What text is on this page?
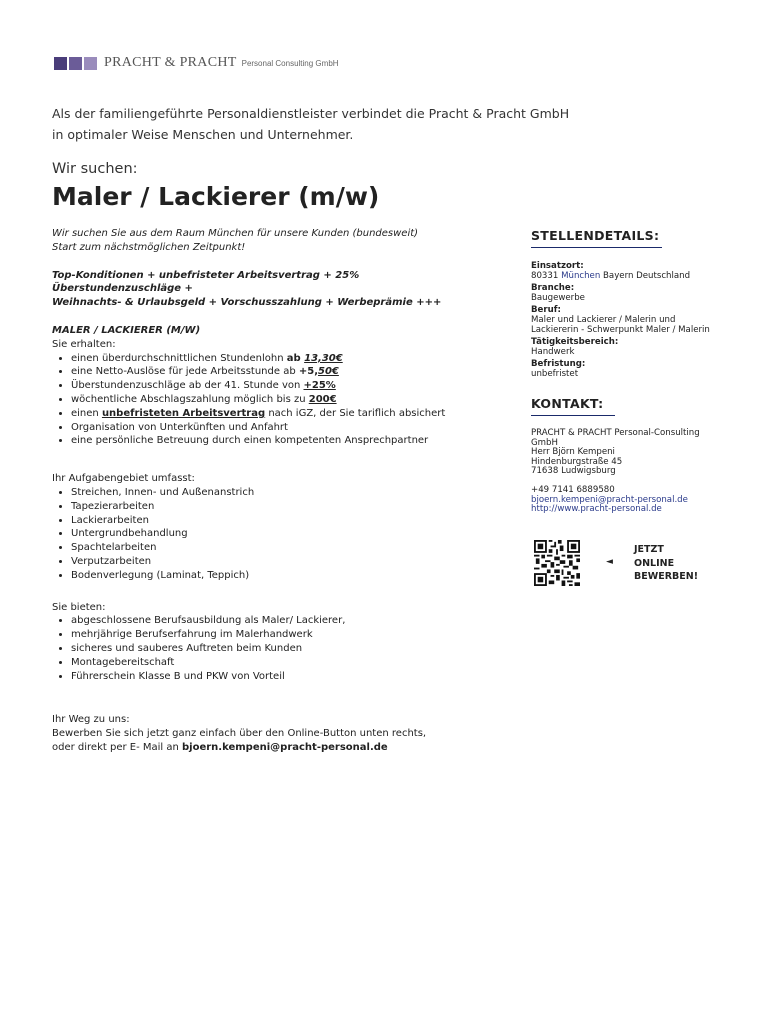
PRACHT & PRACHT Personal Consulting GmbH
Als der familiengeführte Personaldienstleister verbindet die Pracht & Pracht GmbH
in optimaler Weise Menschen und Unternehmer.
Wir suchen:
Maler / Lackierer (m/w)

Wir suchen Sie aus dem Raum München für unsere Kunden (bundesweit)

Start zum nächstmöglichen Zeitpunkt!

Top-Konditionen + unbefristeter Arbeitsvertrag + 25% Überstundenzuschläge +

Weihnachts- & Urlaubsgeld + Vorschusszahlung + Werbeprämie +++

MALER / LACKIERER (M/W)

Sie erhalten:

• einen überdurchschnittlichen Stundenlohn ab 13,30€
• eine Netto-Auslöse für jede Arbeitsstunde ab +5,50€
• Überstundenzuschläge ab der 41. Stunde von +25%
• wöchentliche Abschlagszahlung möglich bis zu 200€
• einen unbefristeten Arbeitsvertrag nach iGZ, der Sie tariflich absichert
• Organisation von Unterkünften und Anfahrt
• eine persönliche Betreuung durch einen kompetenten Ansprechpartner

Ihr Aufgabengebiet umfasst:

• Streichen, Innen- und Außenanstrich
• Tapezierarbeiten
• Lackierarbeiten
• Untergrundbehandlung
• Spachtelarbeiten
• Verputzarbeiten
• Bodenverlegung (Laminat, Teppich)

Sie bieten:

• abgeschlossene Berufsausbildung als Maler/ Lackierer,
• mehrjährige Berufserfahrung im Malerhandwerk
• sicheres und sauberes Auftreten beim Kunden
• Montagebereitschaft
• Führerschein Klasse B und PKW von Vorteil

Ihr Weg zu uns:

Bewerben Sie sich jetzt ganz einfach über den Online-Button unten rechts,

oder direkt per E- Mail an bjoern.kempeni@pracht-personal.de

STELLENDETAILS:
Einsatzort:
80331 München Bayern Deutschland
Branche:
Baugewerbe
Beruf:
Maler und Lackierer / Malerin und
Lackiererin - Schwerpunkt Maler / Malerin
Tätigkeitsbereich:
Handwerk
Befristung:
unbefristet
KONTAKT:
PRACHT & PRACHT Personal-Consulting
GmbH
Herr Björn Kempeni
Hindenburgstraße 45
71638 Ludwigsburg
+49 7141 6889580
bjoern.kempeni@pracht-personal.de
http://www.pracht-personal.de
◄
JETZT
ONLINE
BEWERBEN!
